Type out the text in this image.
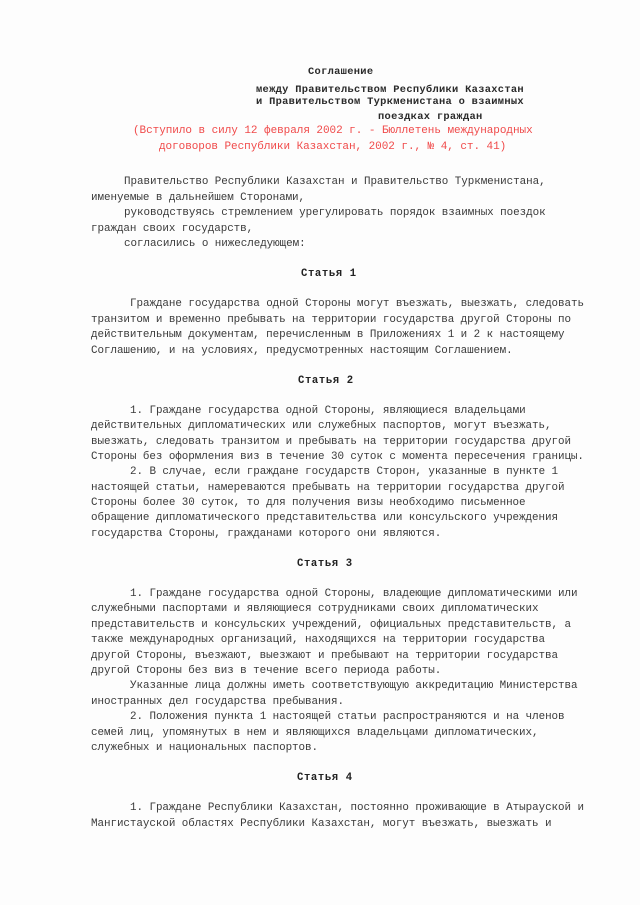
Соглашение
между Правительством Республики Казахстан
и Правительством Туркменистана о взаимных
поездках граждан
(Вступило в силу 12 февраля 2002 г. - Бюллетень международных
договоров Республики Казахстан, 2002 г., № 4, ст. 41)
Правительство Республики Казахстан и Правительство Туркменистана,
именуемые в дальнейшем Сторонами,
руководствуясь стремлением урегулировать порядок взаимных поездок
граждан своих государств,
согласились о нижеследующем:
Статья 1
Граждане государства одной Стороны могут въезжать, выезжать, следовать
транзитом и временно пребывать на территории государства другой Стороны по
действительным документам, перечисленным в Приложениях 1 и 2 к настоящему
Соглашению, и на условиях, предусмотренных настоящим Соглашением.
Статья 2
1. Граждане государства одной Стороны, являющиеся владельцами
действительных дипломатических или служебных паспортов, могут въезжать,
выезжать, следовать транзитом и пребывать на территории государства другой
Стороны без оформления виз в течение 30 суток с момента пересечения границы.
2. В случае, если граждане государств Сторон, указанные в пункте 1
настоящей статьи, намереваются пребывать на территории государства другой
Стороны более 30 суток, то для получения визы необходимо письменное
обращение дипломатического представительства или консульского учреждения
государства Стороны, гражданами которого они являются.
Статья 3
1. Граждане государства одной Стороны, владеющие дипломатическими или
служебными паспортами и являющиеся сотрудниками своих дипломатических
представительств и консульских учреждений, официальных представительств, а
также международных организаций, находящихся на территории государства
другой Стороны, въезжают, выезжают и пребывают на территории государства
другой Стороны без виз в течение всего периода работы.
Указанные лица должны иметь соответствующую аккредитацию Министерства
иностранных дел государства пребывания.
2. Положения пункта 1 настоящей статьи распространяются и на членов
семей лиц, упомянутых в нем и являющихся владельцами дипломатических,
служебных и национальных паспортов.
Статья 4
1. Граждане Республики Казахстан, постоянно проживающие в Атырауской и
Мангистауской областях Республики Казахстан, могут въезжать, выезжать и
